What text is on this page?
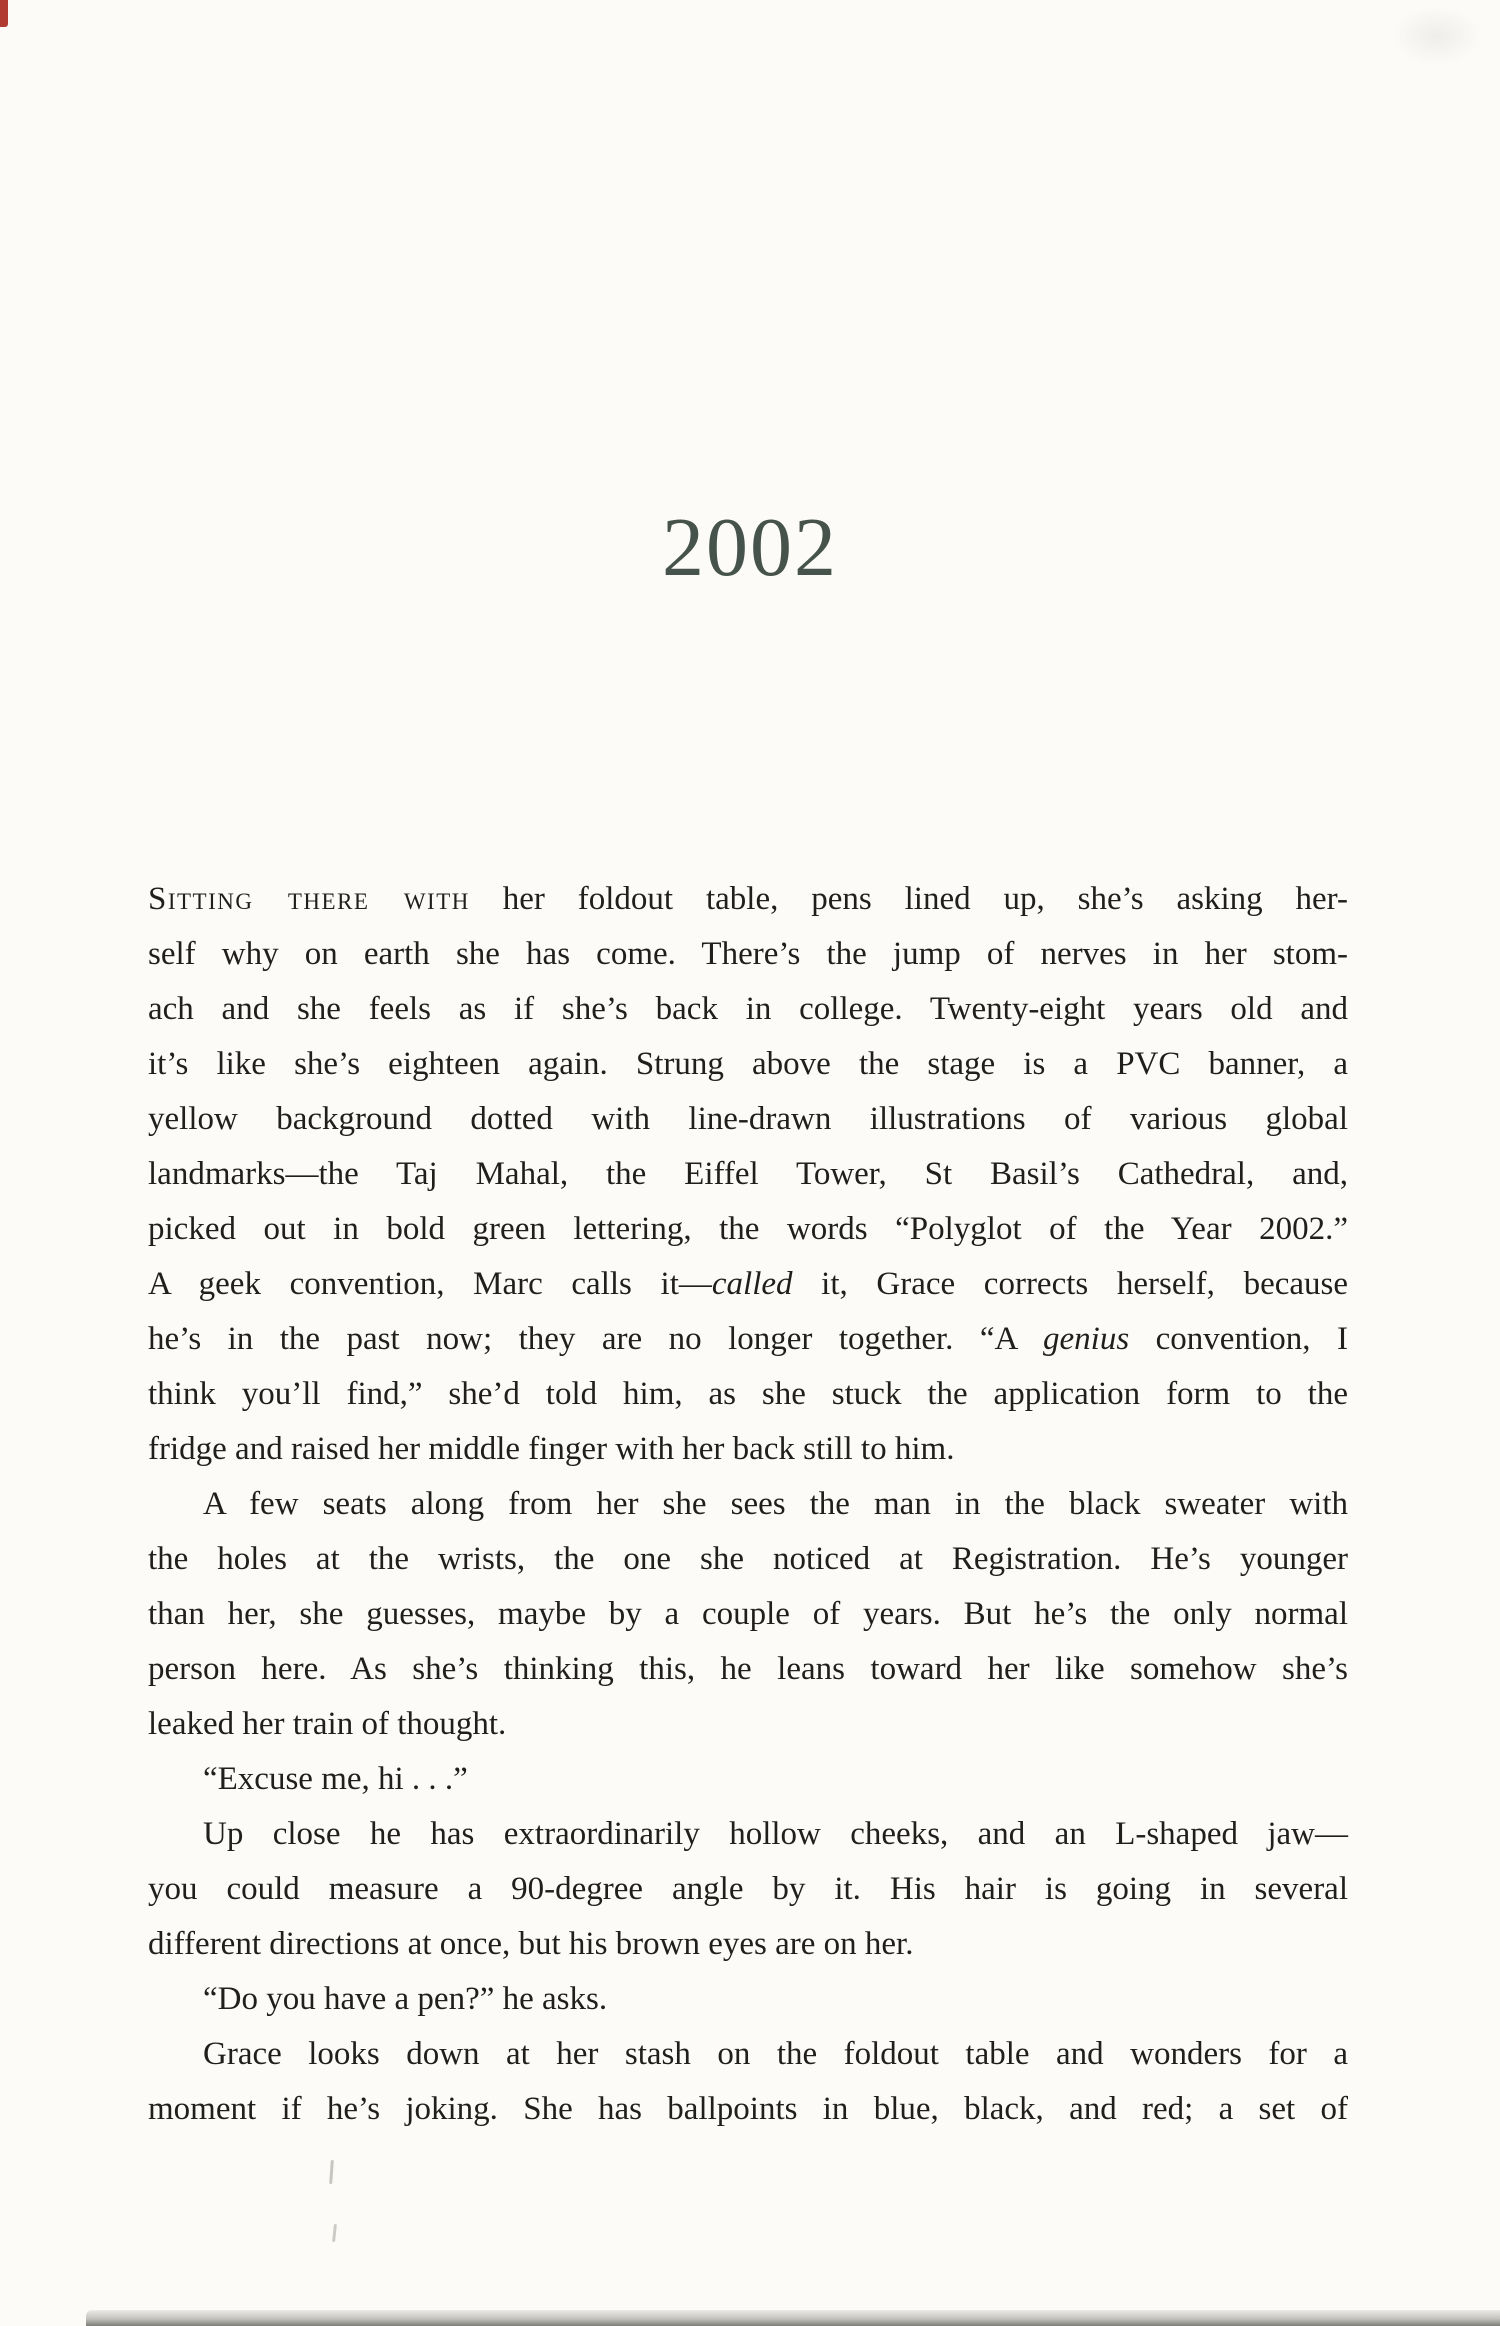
2002
Sitting there with her foldout table, pens lined up, she’s asking her-
self why on earth she has come. There’s the jump of nerves in her stom-
ach and she feels as if she’s back in college. Twenty-eight years old and
it’s like she’s eighteen again. Strung above the stage is a PVC banner, a
yellow background dotted with line-drawn illustrations of various global
landmarks—the Taj Mahal, the Eiffel Tower, St Basil’s Cathedral, and,
picked out in bold green lettering, the words “Polyglot of the Year 2002.”
A geek convention, Marc calls it—called it, Grace corrects herself, because
he’s in the past now; they are no longer together. “A genius convention, I
think you’ll find,” she’d told him, as she stuck the application form to the
fridge and raised her middle finger with her back still to him.
A few seats along from her she sees the man in the black sweater with
the holes at the wrists, the one she noticed at Registration. He’s younger
than her, she guesses, maybe by a couple of years. But he’s the only normal
person here. As she’s thinking this, he leans toward her like somehow she’s
leaked her train of thought.
“Excuse me, hi . . .”
Up close he has extraordinarily hollow cheeks, and an L-shaped jaw—
you could measure a 90-degree angle by it. His hair is going in several
different directions at once, but his brown eyes are on her.
“Do you have a pen?” he asks.
Grace looks down at her stash on the foldout table and wonders for a
moment if he’s joking. She has ballpoints in blue, black, and red; a set of
